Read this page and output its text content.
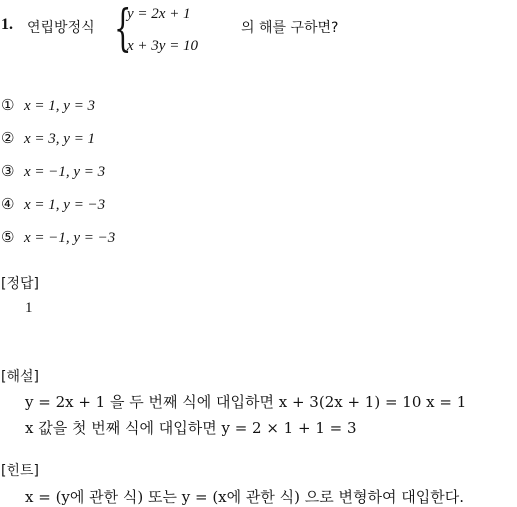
1. 연립방정식 {
y = 2x + 1
x + 3y = 10
의 해를 구하면?
① x = 1, y = 3
② x = 3, y = 1
③ x = −1, y = 3
④ x = 1, y = −3
⑤ x = −1, y = −3
[정답]
1
[해설]
y = 2x + 1 을 두 번째 식에 대입하면 x + 3(2x + 1) = 10 x = 1
x 값을 첫 번째 식에 대입하면 y = 2 × 1 + 1 = 3
[힌트]
x = (y에 관한 식) 또는 y = (x에 관한 식) 으로 변형하여 대입한다.
